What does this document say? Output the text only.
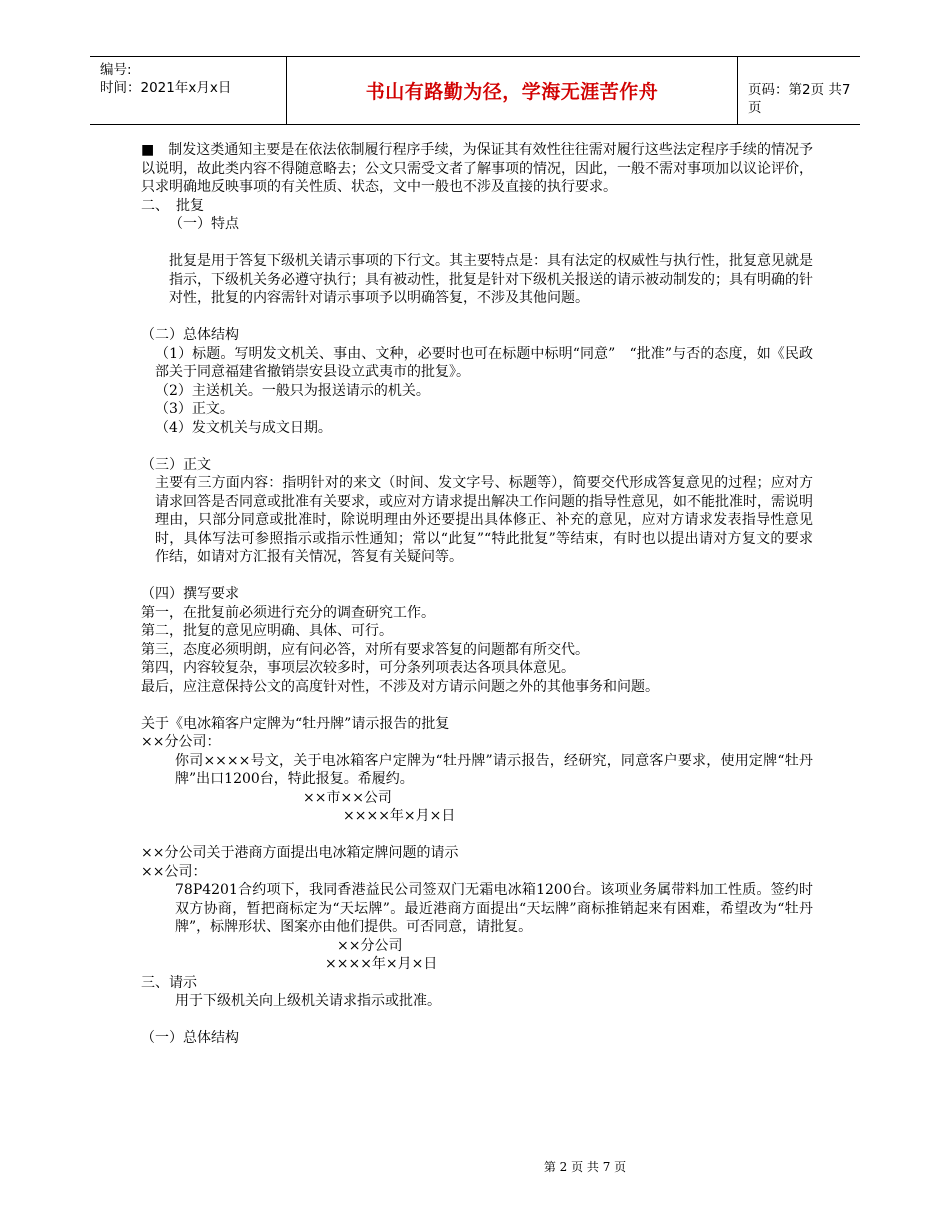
编号:
时间：2021年x月x日	书山有路勤为径，学海无涯苦作舟	页码：第2页 共7页

■　制发这类通知主要是在依法依制履行程序手续，为保证其有效性往往需对履行这些法定程序手续的情况予以说明，故此类内容不得随意略去；公文只需受文者了解事项的情况，因此，一般不需对事项加以议论评价，只求明确地反映事项的有关性质、状态，文中一般也不涉及直接的执行要求。

二、　批复

（一）特点

批复是用于答复下级机关请示事项的下行文。其主要特点是：具有法定的权威性与执行性，批复意见就是指示，下级机关务必遵守执行；具有被动性，批复是针对下级机关报送的请示被动制发的；具有明确的针对性，批复的内容需针对请示事项予以明确答复，不涉及其他问题。

（二）总体结构

（1）标题。写明发文机关、事由、文种，必要时也可在标题中标明“同意”　“批准”与否的态度，如《民政部关于同意福建省撤销崇安县设立武夷市的批复》。

（2）主送机关。一般只为报送请示的机关。

（3）正文。

（4）发文机关与成文日期。

（三）正文

主要有三方面内容：指明针对的来文（时间、发文字号、标题等），简要交代形成答复意见的过程；应对方请求回答是否同意或批准有关要求，或应对方请求提出解决工作问题的指导性意见，如不能批准时，需说明理由，只部分同意或批准时，除说明理由外还要提出具体修正、补充的意见，应对方请求发表指导性意见时，具体写法可参照指示或指示性通知；常以“此复”“特此批复”等结束，有时也以提出请对方复文的要求作结，如请对方汇报有关情况，答复有关疑问等。

（四）撰写要求

第一，在批复前必须进行充分的调查研究工作。

第二，批复的意见应明确、具体、可行。

第三，态度必须明朗，应有问必答，对所有要求答复的问题都有所交代。

第四，内容较复杂，事项层次较多时，可分条列项表达各项具体意见。

最后，应注意保持公文的高度针对性，不涉及对方请示问题之外的其他事务和问题。

关于《电冰箱客户定牌为“牡丹牌”请示报告的批复

××分公司：

你司××××号文，关于电冰箱客户定牌为“牡丹牌”请示报告，经研究，同意客户要求，使用定牌“牡丹牌”出口1200台，特此报复。希履约。

××市××公司

××××年×月×日

××分公司关于港商方面提出电冰箱定牌问题的请示

××公司：

78P4201合约项下，我同香港益民公司签双门无霜电冰箱1200台。该项业务属带料加工性质。签约时双方协商，暂把商标定为“天坛牌”。最近港商方面提出“天坛牌”商标推销起来有困难，希望改为“牡丹牌”，标牌形状、图案亦由他们提供。可否同意，请批复。

××分公司

××××年×月×日

三、请示

用于下级机关向上级机关请求指示或批准。

（一）总体结构

第 2 页 共 7 页
